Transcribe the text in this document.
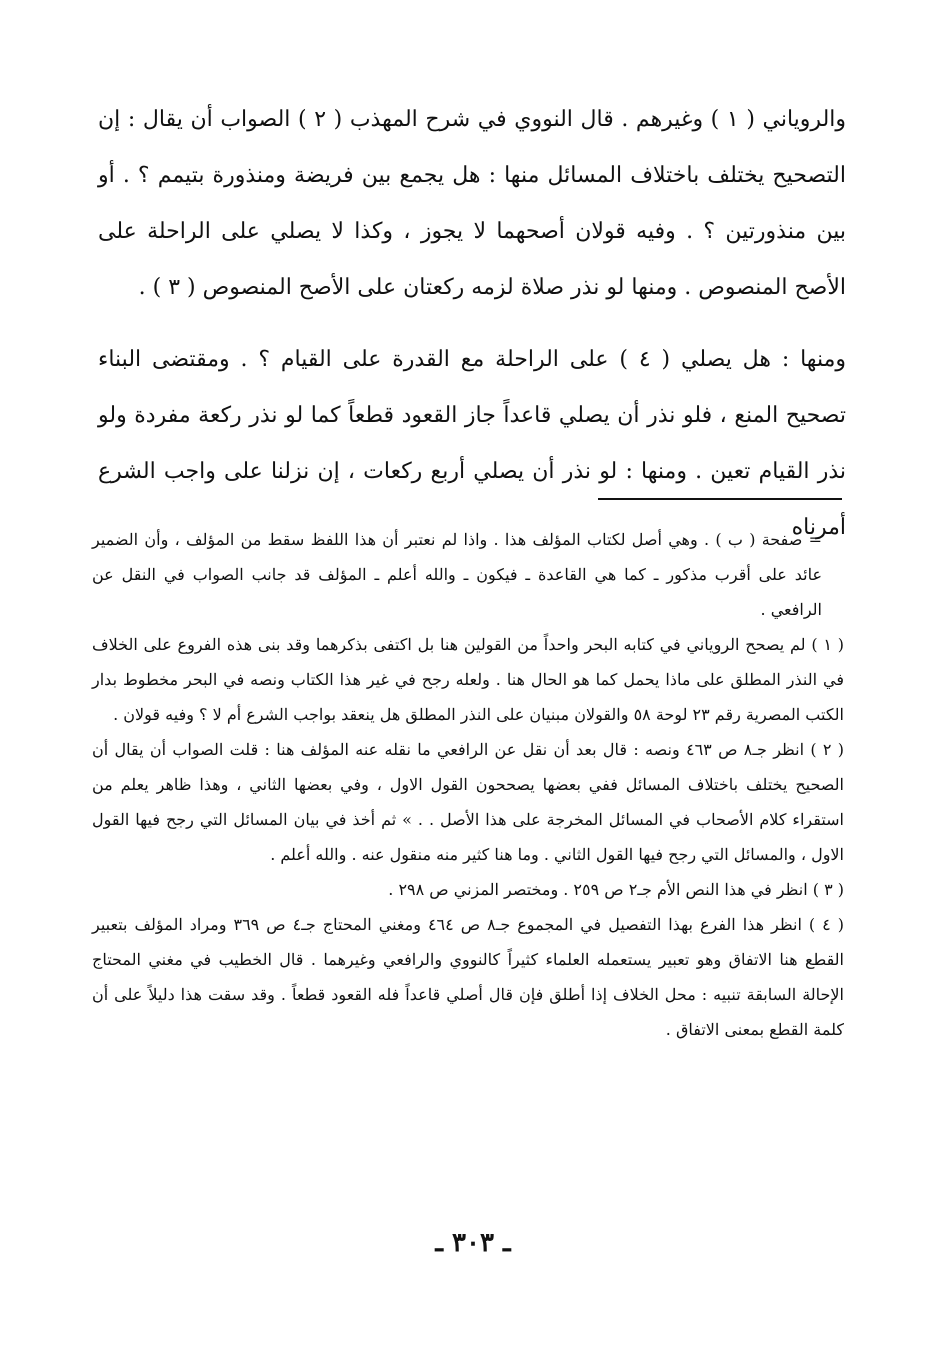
والروياني ( ١ ) وغيرهم . قال النووي في شرح المهذب ( ٢ ) الصواب أن يقال : إن التصحيح يختلف باختلاف المسائل منها : هل يجمع بين فريضة ومنذورة بتيمم ؟ . أو بين منذورتين ؟ . وفيه قولان أصحهما لا يجوز ، وكذا لا يصلي على الراحلة على الأصح المنصوص . ومنها لو نذر صلاة لزمه ركعتان على الأصح المنصوص ( ٣ ) .

ومنها : هل يصلي ( ٤ ) على الراحلة مع القدرة على القيام ؟ . ومقتضى البناء تصحيح المنع ، فلو نذر أن يصلي قاعداً جاز القعود قطعاً كما لو نذر ركعة مفردة ولو نذر القيام تعين . ومنها : لو نذر أن يصلي أربع ركعات ، إن نزلنا على واجب الشرع أمرناه

= صفحة ( ب ) . وهي أصل لكتاب المؤلف هذا . واذا لم نعتبر أن هذا اللفظ سقط من المؤلف ، وأن الضمير عائد على أقرب مذكور ـ كما هي القاعدة ـ فيكون ـ والله أعلم ـ المؤلف قد جانب الصواب في النقل عن الرافعي .

( ١ ) لم يصحح الروياني في كتابه البحر واحداً من القولين هنا بل اكتفى بذكرهما وقد بنى هذه الفروع على الخلاف في النذر المطلق على ماذا يحمل كما هو الحال هنا . ولعله رجح في غير هذا الكتاب ونصه في البحر مخطوط بدار الكتب المصرية رقم ٢٣ لوحة ٥٨ والقولان مبنيان على النذر المطلق هل ينعقد بواجب الشرع أم لا ؟ وفيه قولان .

( ٢ ) انظر جـ٨ ص ٤٦٣ ونصه : قال بعد أن نقل عن الرافعي ما نقله عنه المؤلف هنا : قلت الصواب أن يقال أن الصحيح يختلف باختلاف المسائل ففي بعضها يصححون القول الاول ، وفي بعضها الثاني ، وهذا ظاهر يعلم من استقراء كلام الأصحاب في المسائل المخرجة على هذا الأصل . . » ثم أخذ في بيان المسائل التي رجح فيها القول الاول ، والمسائل التي رجح فيها القول الثاني . وما هنا كثير منه منقول عنه . والله أعلم .

( ٣ ) انظر في هذا النص الأم جـ٢ ص ٢٥٩ . ومختصر المزني ص ٢٩٨ .

( ٤ ) انظر هذا الفرع بهذا التفصيل في المجموع جـ٨ ص ٤٦٤ ومغني المحتاج جـ٤ ص ٣٦٩ ومراد المؤلف بتعبير القطع هنا الاتفاق وهو تعبير يستعمله العلماء كثيراً كالنووي والرافعي وغيرهما . قال الخطيب في مغني المحتاج الإحالة السابقة تنبيه : محل الخلاف إذا أطلق فإن قال أصلي قاعداً فله القعود قطعاً . وقد سقت هذا دليلاً على أن كلمة القطع بمعنى الاتفاق .

ـ ٣٠٣ ـ
